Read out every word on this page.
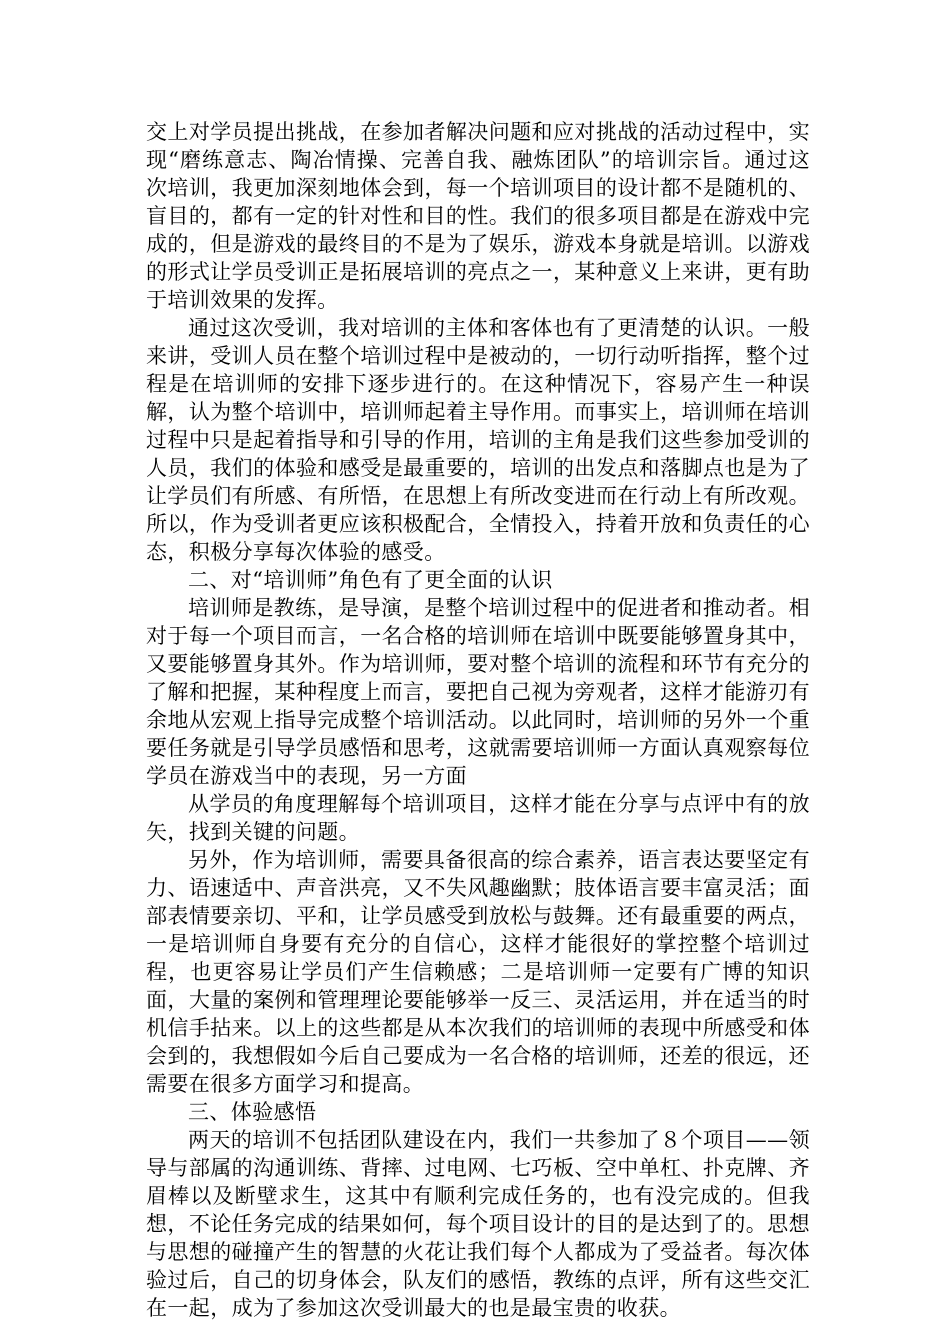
交上对学员提出挑战，在参加者解决问题和应对挑战的活动过程中，实现“磨练意志、陶冶情操、完善自我、融炼团队”的培训宗旨。通过这次培训，我更加深刻地体会到，每一个培训项目的设计都不是随机的、盲目的，都有一定的针对性和目的性。我们的很多项目都是在游戏中完成的，但是游戏的最终目的不是为了娱乐，游戏本身就是培训。以游戏的形式让学员受训正是拓展培训的亮点之一，某种意义上来讲，更有助于培训效果的发挥。

通过这次受训，我对培训的主体和客体也有了更清楚的认识。一般来讲，受训人员在整个培训过程中是被动的，一切行动听指挥，整个过程是在培训师的安排下逐步进行的。在这种情况下，容易产生一种误解，认为整个培训中，培训师起着主导作用。而事实上，培训师在培训过程中只是起着指导和引导的作用，培训的主角是我们这些参加受训的人员，我们的体验和感受是最重要的，培训的出发点和落脚点也是为了让学员们有所感、有所悟，在思想上有所改变进而在行动上有所改观。所以，作为受训者更应该积极配合，全情投入，持着开放和负责任的心态，积极分享每次体验的感受。

二、对“培训师”角色有了更全面的认识

培训师是教练，是导演，是整个培训过程中的促进者和推动者。相对于每一个项目而言，一名合格的培训师在培训中既要能够置身其中，又要能够置身其外。作为培训师，要对整个培训的流程和环节有充分的了解和把握，某种程度上而言，要把自己视为旁观者，这样才能游刃有余地从宏观上指导完成整个培训活动。以此同时，培训师的另外一个重要任务就是引导学员感悟和思考，这就需要培训师一方面认真观察每位学员在游戏当中的表现，另一方面

从学员的角度理解每个培训项目，这样才能在分享与点评中有的放矢，找到关键的问题。

另外，作为培训师，需要具备很高的综合素养，语言表达要坚定有力、语速适中、声音洪亮，又不失风趣幽默；肢体语言要丰富灵活；面部表情要亲切、平和，让学员感受到放松与鼓舞。还有最重要的两点，一是培训师自身要有充分的自信心，这样才能很好的掌控整个培训过程，也更容易让学员们产生信赖感；二是培训师一定要有广博的知识面，大量的案例和管理理论要能够举一反三、灵活运用，并在适当的时机信手拈来。以上的这些都是从本次我们的培训师的表现中所感受和体会到的，我想假如今后自己要成为一名合格的培训师，还差的很远，还需要在很多方面学习和提高。

三、体验感悟

两天的培训不包括团队建设在内，我们一共参加了８个项目——领导与部属的沟通训练、背摔、过电网、七巧板、空中单杠、扑克牌、齐眉棒以及断壁求生，这其中有顺利完成任务的，也有没完成的。但我想，不论任务完成的结果如何，每个项目设计的目的是达到了的。思想与思想的碰撞产生的智慧的火花让我们每个人都成为了受益者。每次体验过后，自己的切身体会，队友们的感悟，教练的点评，所有这些交汇在一起，成为了参加这次受训最大的也是最宝贵的收获。
